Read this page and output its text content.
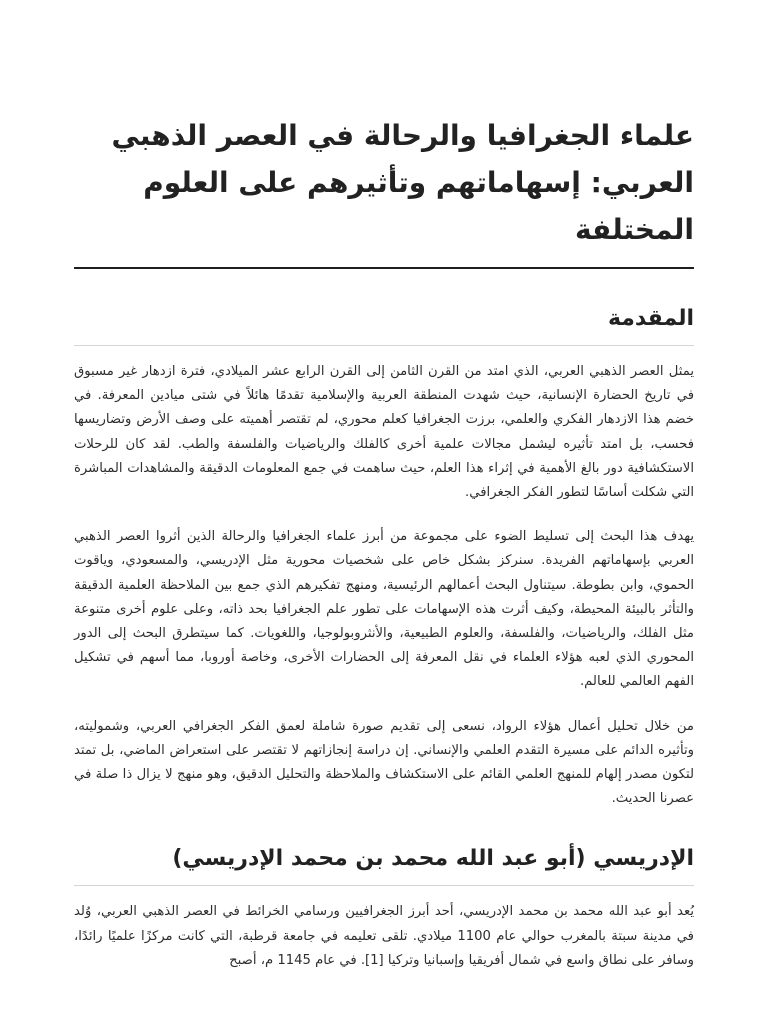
علماء الجغرافيا والرحالة في العصر الذهبي العربي: إسهاماتهم وتأثيرهم على العلوم المختلفة
المقدمة

يمثل العصر الذهبي العربي، الذي امتد من القرن الثامن إلى القرن الرابع عشر الميلادي، فترة ازدهار غير مسبوق في تاريخ الحضارة الإنسانية، حيث شهدت المنطقة العربية والإسلامية تقدمًا هائلاً في شتى ميادين المعرفة. في خضم هذا الازدهار الفكري والعلمي، برزت الجغرافيا كعلم محوري، لم تقتصر أهميته على وصف الأرض وتضاريسها فحسب، بل امتد تأثيره ليشمل مجالات علمية أخرى كالفلك والرياضيات والفلسفة والطب. لقد كان للرحلات الاستكشافية دور بالغ الأهمية في إثراء هذا العلم، حيث ساهمت في جمع المعلومات الدقيقة والمشاهدات المباشرة التي شكلت أساسًا لتطور الفكر الجغرافي.

يهدف هذا البحث إلى تسليط الضوء على مجموعة من أبرز علماء الجغرافيا والرحالة الذين أثروا العصر الذهبي العربي بإسهاماتهم الفريدة. سنركز بشكل خاص على شخصيات محورية مثل الإدريسي، والمسعودي، وياقوت الحموي، وابن بطوطة. سيتناول البحث أعمالهم الرئيسية، ومنهج تفكيرهم الذي جمع بين الملاحظة العلمية الدقيقة والتأثر بالبيئة المحيطة، وكيف أثرت هذه الإسهامات على تطور علم الجغرافيا بحد ذاته، وعلى علوم أخرى متنوعة مثل الفلك، والرياضيات، والفلسفة، والعلوم الطبيعية، والأنثروبولوجيا، واللغويات. كما سيتطرق البحث إلى الدور المحوري الذي لعبه هؤلاء العلماء في نقل المعرفة إلى الحضارات الأخرى، وخاصة أوروبا، مما أسهم في تشكيل الفهم العالمي للعالم.

من خلال تحليل أعمال هؤلاء الرواد، نسعى إلى تقديم صورة شاملة لعمق الفكر الجغرافي العربي، وشموليته، وتأثيره الدائم على مسيرة التقدم العلمي والإنساني. إن دراسة إنجازاتهم لا تقتصر على استعراض الماضي، بل تمتد لتكون مصدر إلهام للمنهج العلمي القائم على الاستكشاف والملاحظة والتحليل الدقيق، وهو منهج لا يزال ذا صلة في عصرنا الحديث.

الإدريسي (أبو عبد الله محمد بن محمد الإدريسي)

يُعد أبو عبد الله محمد بن محمد الإدريسي، أحد أبرز الجغرافيين ورسامي الخرائط في العصر الذهبي العربي، وُلد في مدينة سبتة بالمغرب حوالي عام 1100 ميلادي. تلقى تعليمه في جامعة قرطبة، التي كانت مركزًا علميًا رائدًا، وسافر على نطاق واسع في شمال أفريقيا وإسبانيا وتركيا [1]. في عام 1145 م، أصبح
